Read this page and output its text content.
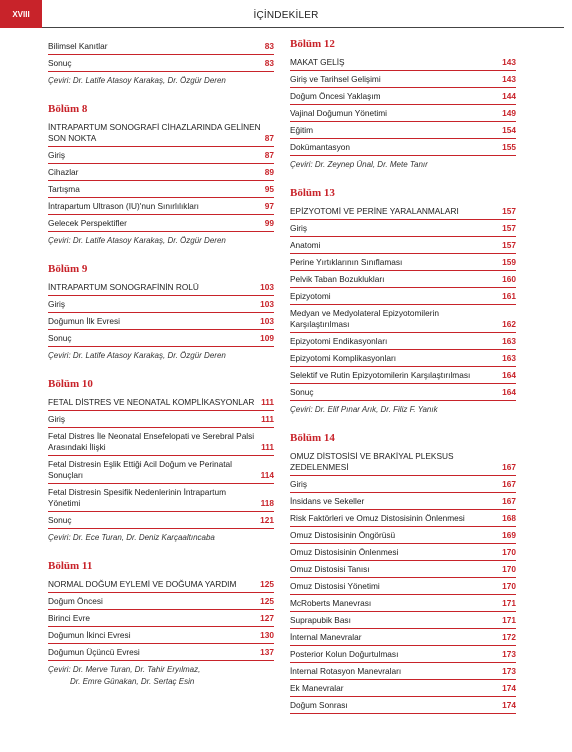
XVIII	İÇİNDEKİLER
Bilimsel Kanıtlar	83
Sonuç	83
Çeviri: Dr. Latife Atasoy Karakaş, Dr. Özgür Deren
Bölüm 8
İNTRAPARTUM SONOGRAFİ CİHAZLARINDA GELİNEN SON NOKTA	87
Giriş	87
Cihazlar	89
Tartışma	95
İntrapartum Ultrason (IU)'nun Sınırlılıkları	97
Gelecek Perspektifler	99
Çeviri: Dr. Latife Atasoy Karakaş, Dr. Özgür Deren
Bölüm 9
İNTRAPARTUM SONOGRAFİNİN ROLÜ	103
Giriş	103
Doğumun İlk Evresi	103
Sonuç	109
Çeviri: Dr. Latife Atasoy Karakaş, Dr. Özgür Deren
Bölüm 10
FETAL DİSTRES VE NEONATAL KOMPLİKASYONLAR 111
Giriş	111
Fetal Distres İle Neonatal Ensefelopati ve Serebral Palsi Arasındaki İlişki	111
Fetal Distresin Eşlik Ettiği Acil Doğum ve Perinatal Sonuçları	114
Fetal Distresin Spesifik Nedenlerinin İntrapartum Yönetimi	118
Sonuç	121
Çeviri: Dr. Ece Turan, Dr. Deniz Karçaaltıncaba
Bölüm 11
NORMAL DOĞUM EYLEMİ VE DOĞUMA YARDIM	125
Doğum Öncesi	125
Birinci Evre	127
Doğumun İkinci Evresi	130
Doğumun Üçüncü Evresi	137
Çeviri: Dr. Merve Turan, Dr. Tahir Eryılmaz,
Dr. Emre Günakan, Dr. Sertaç Esin
Bölüm 12
MAKAT GELİŞ	143
Giriş ve Tarihsel Gelişimi	143
Doğum Öncesi Yaklaşım	144
Vajinal Doğumun Yönetimi	149
Eğitim	154
Dokümantasyon	155
Çeviri: Dr. Zeynep Ünal, Dr. Mete Tanır
Bölüm 13
EPİZYOTOMİ VE PERİNE YARALANMALARI	157
Giriş	157
Anatomi	157
Perine Yırtıklarının Sınıflaması	159
Pelvik Taban Bozuklukları	160
Epizyotomi	161
Medyan ve Medyolateral Epizyotomilerin Karşılaştırılması	162
Epizyotomi Endikasyonları	163
Epizyotomi Komplikasyonları	163
Selektif ve Rutin Epizyotomilerin Karşılaştırılması	164
Sonuç	164
Çeviri: Dr. Elif Pınar Arık, Dr. Filiz F. Yanık
Bölüm 14
OMUZ DİSTOSİSİ VE BRAKİYAL PLEKSUS ZEDELENMESİ	167
Giriş	167
İnsidans ve Sekeller	167
Risk Faktörleri ve Omuz Distosisinin Önlenmesi	168
Omuz Distosisinin Öngörüsü	169
Omuz Distosisinin Önlenmesi	170
Omuz Distosisi Tanısı	170
Omuz Distosisi Yönetimi	170
McRoberts Manevrası	171
Suprapubik Bası	171
İnternal Manevralar	172
Posterior Kolun Doğurtulması	173
İnternal Rotasyon Manevraları	173
Ek Manevralar	174
Doğum Sonrası	174
